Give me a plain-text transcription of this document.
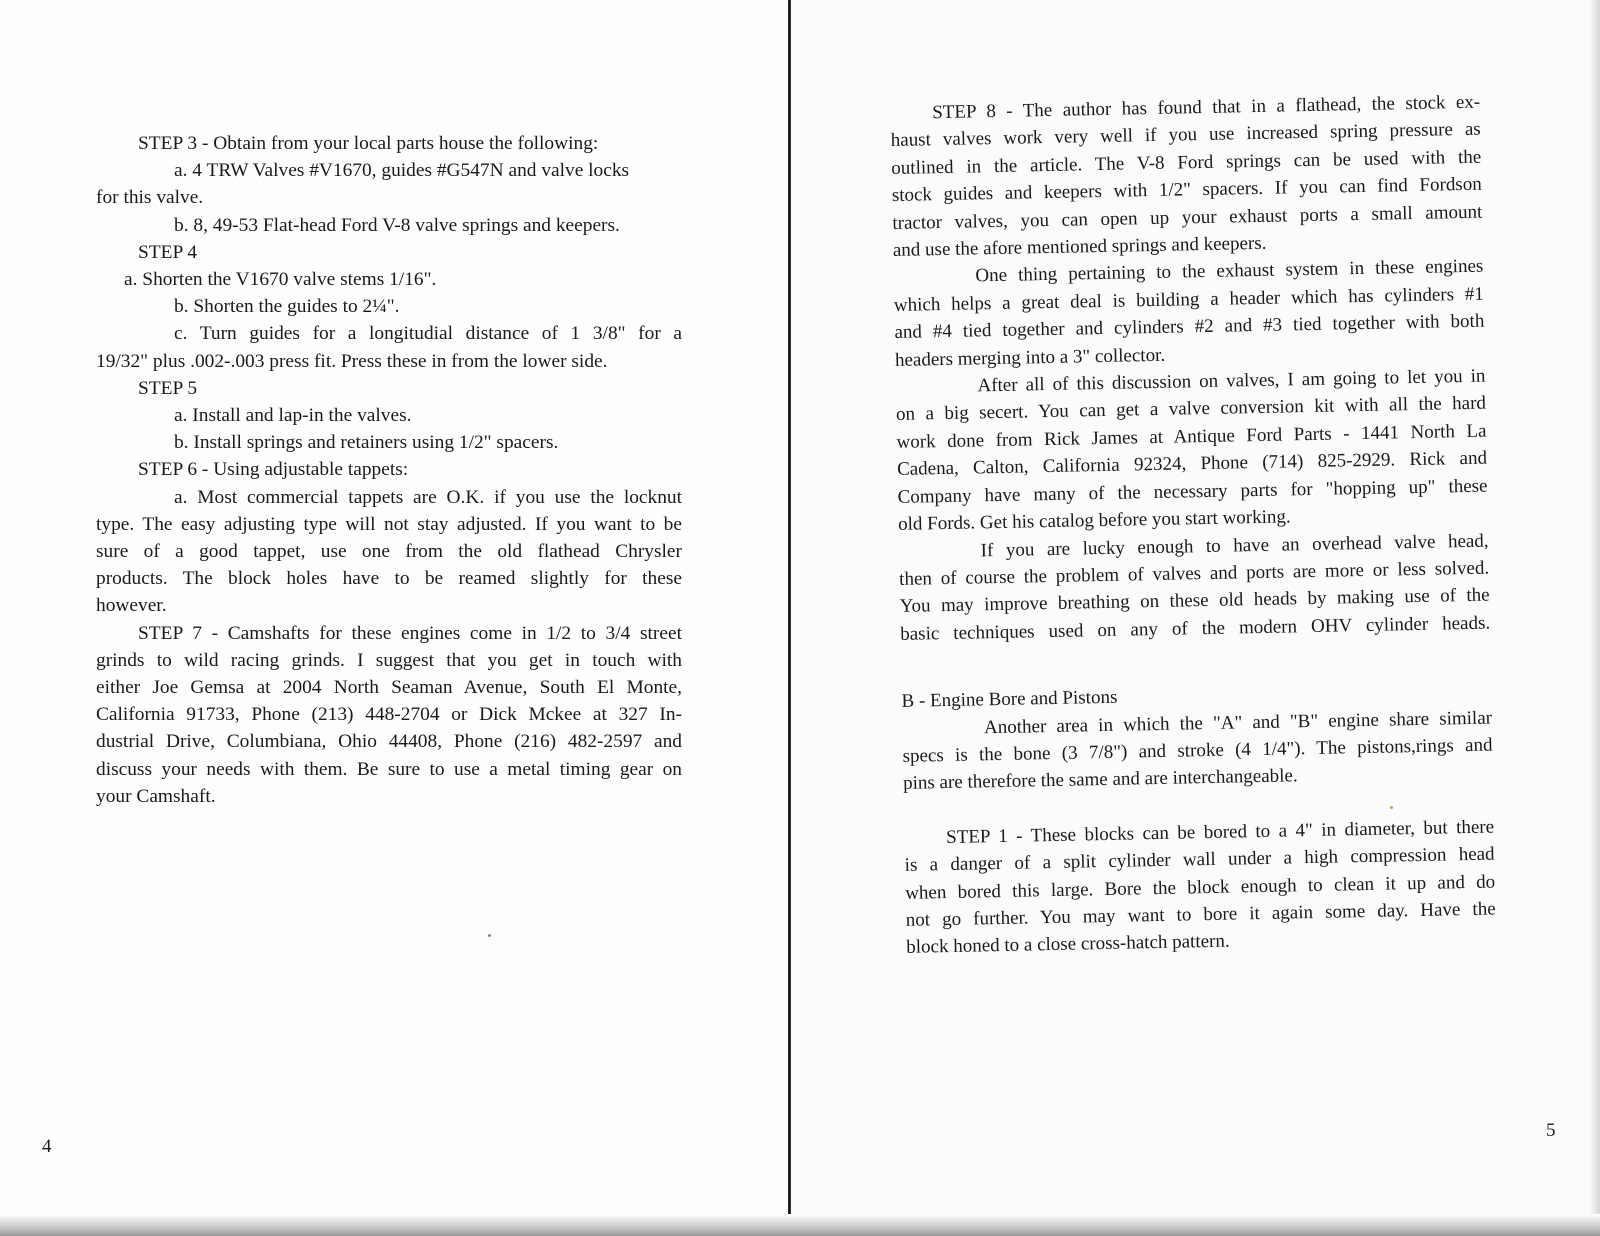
STEP 3 - Obtain from your local parts house the following:

a. 4 TRW Valves #V1670, guides #G547N and valve locks

for this valve.

b. 8, 49-53 Flat-head Ford V-8 valve springs and keepers.

STEP 4

a. Shorten the V1670 valve stems 1/16".

b. Shorten the guides to 2¼".

c. Turn guides for a longitudial distance of 1 3/8" for a

19/32" plus .002-.003 press fit. Press these in from the lower side.

STEP 5

a. Install and lap-in the valves.

b. Install springs and retainers using 1/2" spacers.

STEP 6 - Using adjustable tappets:

a. Most commercial tappets are O.K. if you use the locknut

type. The easy adjusting type will not stay adjusted. If you want to be

sure of a good tappet, use one from the old flathead Chrysler

products. The block holes have to be reamed slightly for these

however.

STEP 7 - Camshafts for these engines come in 1/2 to 3/4 street

grinds to wild racing grinds. I suggest that you get in touch with

either Joe Gemsa at 2004 North Seaman Avenue, South El Monte,

California 91733, Phone (213) 448-2704 or Dick Mckee at 327 In-

dustrial Drive, Columbiana, Ohio 44408, Phone (216) 482-2597 and

discuss your needs with them. Be sure to use a metal timing gear on

your Camshaft.

4
5

STEP 8 - The author has found that in a flathead, the stock ex-

haust valves work very well if you use increased spring pressure as

outlined in the article. The V-8 Ford springs can be used with the

stock guides and keepers with 1/2" spacers. If you can find Fordson

tractor valves, you can open up your exhaust ports a small amount

and use the afore mentioned springs and keepers.

One thing pertaining to the exhaust system in these engines

which helps a great deal is building a header which has cylinders #1

and #4 tied together and cylinders #2 and #3 tied together with both

headers merging into a 3" collector.

After all of this discussion on valves, I am going to let you in

on a big secert. You can get a valve conversion kit with all the hard

work done from Rick James at Antique Ford Parts - 1441 North La

Cadena, Calton, California 92324, Phone (714) 825-2929. Rick and

Company have many of the necessary parts for "hopping up" these

old Fords. Get his catalog before you start working.

If you are lucky enough to have an overhead valve head,

then of course the problem of valves and ports are more or less solved.

You may improve breathing on these old heads by making use of the

basic techniques used on any of the modern OHV cylinder heads.

B - Engine Bore and Pistons

Another area in which the "A" and "B" engine share similar

specs is the bone (3 7/8") and stroke (4 1/4"). The pistons,rings and

pins are therefore the same and are interchangeable.

STEP 1 - These blocks can be bored to a 4" in diameter, but there

is a danger of a split cylinder wall under a high compression head

when bored this large. Bore the block enough to clean it up and do

not go further. You may want to bore it again some day. Have the

block honed to a close cross-hatch pattern.
